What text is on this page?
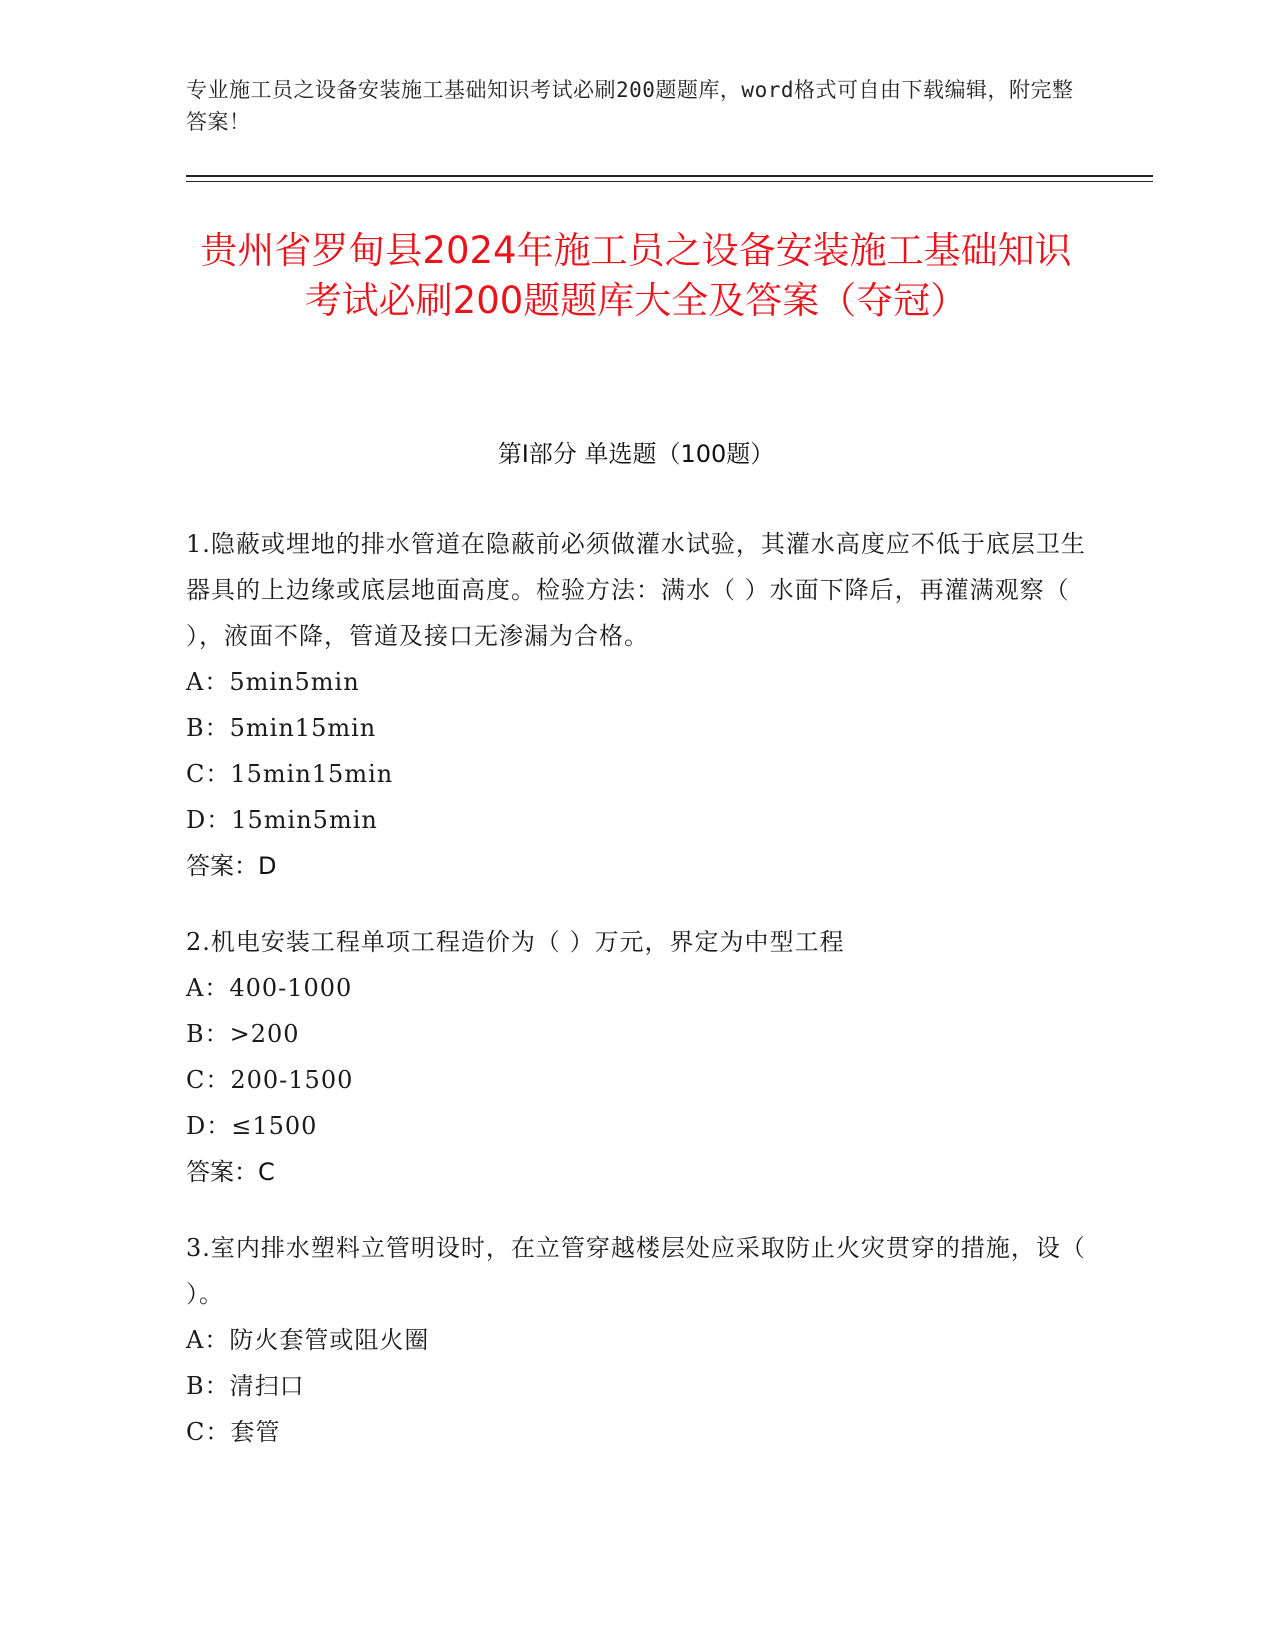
专业施工员之设备安装施工基础知识考试必刷200题题库，word格式可自由下载编辑，附完整答案！
贵州省罗甸县2024年施工员之设备安装施工基础知识考试必刷200题题库大全及答案（夺冠）
第I部分 单选题（100题）

1.隐蔽或埋地的排水管道在隐蔽前必须做灌水试验，其灌水高度应不低于底层卫生器具的上边缘或底层地面高度。检验方法：满水（ ）水面下降后，再灌满观察（ ），液面不降，管道及接口无渗漏为合格。

A：5min5min

B：5min15min

C：15min15min

D：15min5min

答案：D

2.机电安装工程单项工程造价为（ ）万元，界定为中型工程

A：400-1000

B：>200

C：200-1500

D：≤1500

答案：C

3.室内排水塑料立管明设时，在立管穿越楼层处应采取防止火灾贯穿的措施，设（ ）。

A：防火套管或阻火圈

B：清扫口

C：套管
